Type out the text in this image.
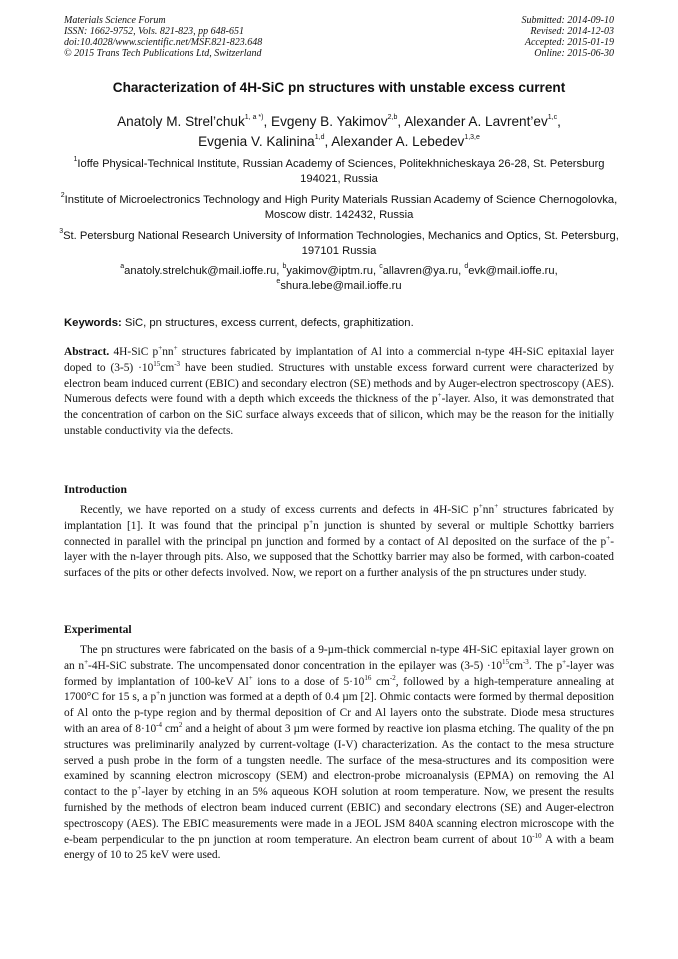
Materials Science Forum
ISSN: 1662-9752, Vols. 821-823, pp 648-651
doi:10.4028/www.scientific.net/MSF.821-823.648
© 2015 Trans Tech Publications Ltd, Switzerland
Submitted: 2014-09-10
Revised: 2014-12-03
Accepted: 2015-01-19
Online: 2015-06-30
Characterization of 4H-SiC pn structures with unstable excess current
Anatoly M. Strel’chuk$^{1, a *)}$, Evgeny B. Yakimov$^{2,b}$, Alexander A. Lavrent’ev$^{1,c}$,
Evgenia V. Kalinina$^{1,d}$, Alexander A. Lebedev$^{1,3,e}$
$^1$Ioffe Physical-Technical Institute, Russian Academy of Sciences, Politekhnicheskaya 26-28, St. Petersburg 194021, Russia
$^2$Institute of Microelectronics Technology and High Purity Materials Russian Academy of Science Chernogolovka, Moscow distr. 142432, Russia
$^3$St. Petersburg National Research University of Information Technologies, Mechanics and Optics, St. Petersburg, 197101 Russia
$^a$anatoly.strelchuk@mail.ioffe.ru, $^b$yakimov@iptm.ru, $^c$allavren@ya.ru, $^d$evk@mail.ioffe.ru,
$^e$shura.lebe@mail.ioffe.ru
Keywords: SiC, pn structures, excess current, defects, graphitization.
Abstract. 4H-SiC p+nn+ structures fabricated by implantation of Al into a commercial n-type 4H-SiC epitaxial layer doped to $(3-5) \cdot 10^{15}cm^{-3}$ have been studied. Structures with unstable excess forward current were characterized by electron beam induced current (EBIC) and secondary electron (SE) methods and by Auger-electron spectroscopy (AES). Numerous defects were found with a depth which exceeds the thickness of the p+-layer. Also, it was demonstrated that the concentration of carbon on the SiC surface always exceeds that of silicon, which may be the reason for the initially unstable conductivity via the defects.
Introduction

Recently, we have reported on a study of excess currents and defects in 4H-SiC p+nn+ structures fabricated by implantation [1]. It was found that the principal p+n junction is shunted by several or multiple Schottky barriers connected in parallel with the principal pn junction and formed by a contact of Al deposited on the surface of the p+-layer with the n-layer through pits. Also, we supposed that the Schottky barrier may also be formed, with carbon-coated surfaces of the pits or other defects involved. Now, we report on a further analysis of the pn structures under study.

Experimental

The pn structures were fabricated on the basis of a 9-µm-thick commercial n-type 4H-SiC epitaxial layer grown on an n+-4H-SiC substrate. The uncompensated donor concentration in the epilayer was $(3-5) \cdot 10^{15}cm^{-3}$. The p+-layer was formed by implantation of 100-keV Al+ ions to a dose of $5\cdot 10^{16}$ $cm^{-2}$, followed by a high-temperature annealing at 1700°C for 15 s, a p+n junction was formed at a depth of 0.4 µm [2]. Ohmic contacts were formed by thermal deposition of Al onto the p-type region and by thermal deposition of Cr and Al layers onto the substrate. Diode mesa structures with an area of $8\cdot 10^{-4}$ $cm^2$ and a height of about 3 µm were formed by reactive ion plasma etching. The quality of the pn structures was preliminarily analyzed by current-voltage (I-V) characterization. As the contact to the mesa structure served a push probe in the form of a tungsten needle. The surface of the mesa-structures and its composition were examined by scanning electron microscopy (SEM) and electron-probe microanalysis (EPMA) on removing the Al contact to the p+-layer by etching in an 5% aqueous KOH solution at room temperature. Now, we present the results furnished by the methods of electron beam induced current (EBIC) and secondary electrons (SE) and Auger-electron spectroscopy (AES). The EBIC measurements were made in a JEOL JSM 840A scanning electron microscope with the e-beam perpendicular to the pn junction at room temperature. An electron beam current of about $10^{-10}$ A with a beam energy of 10 to 25 keV were used.
